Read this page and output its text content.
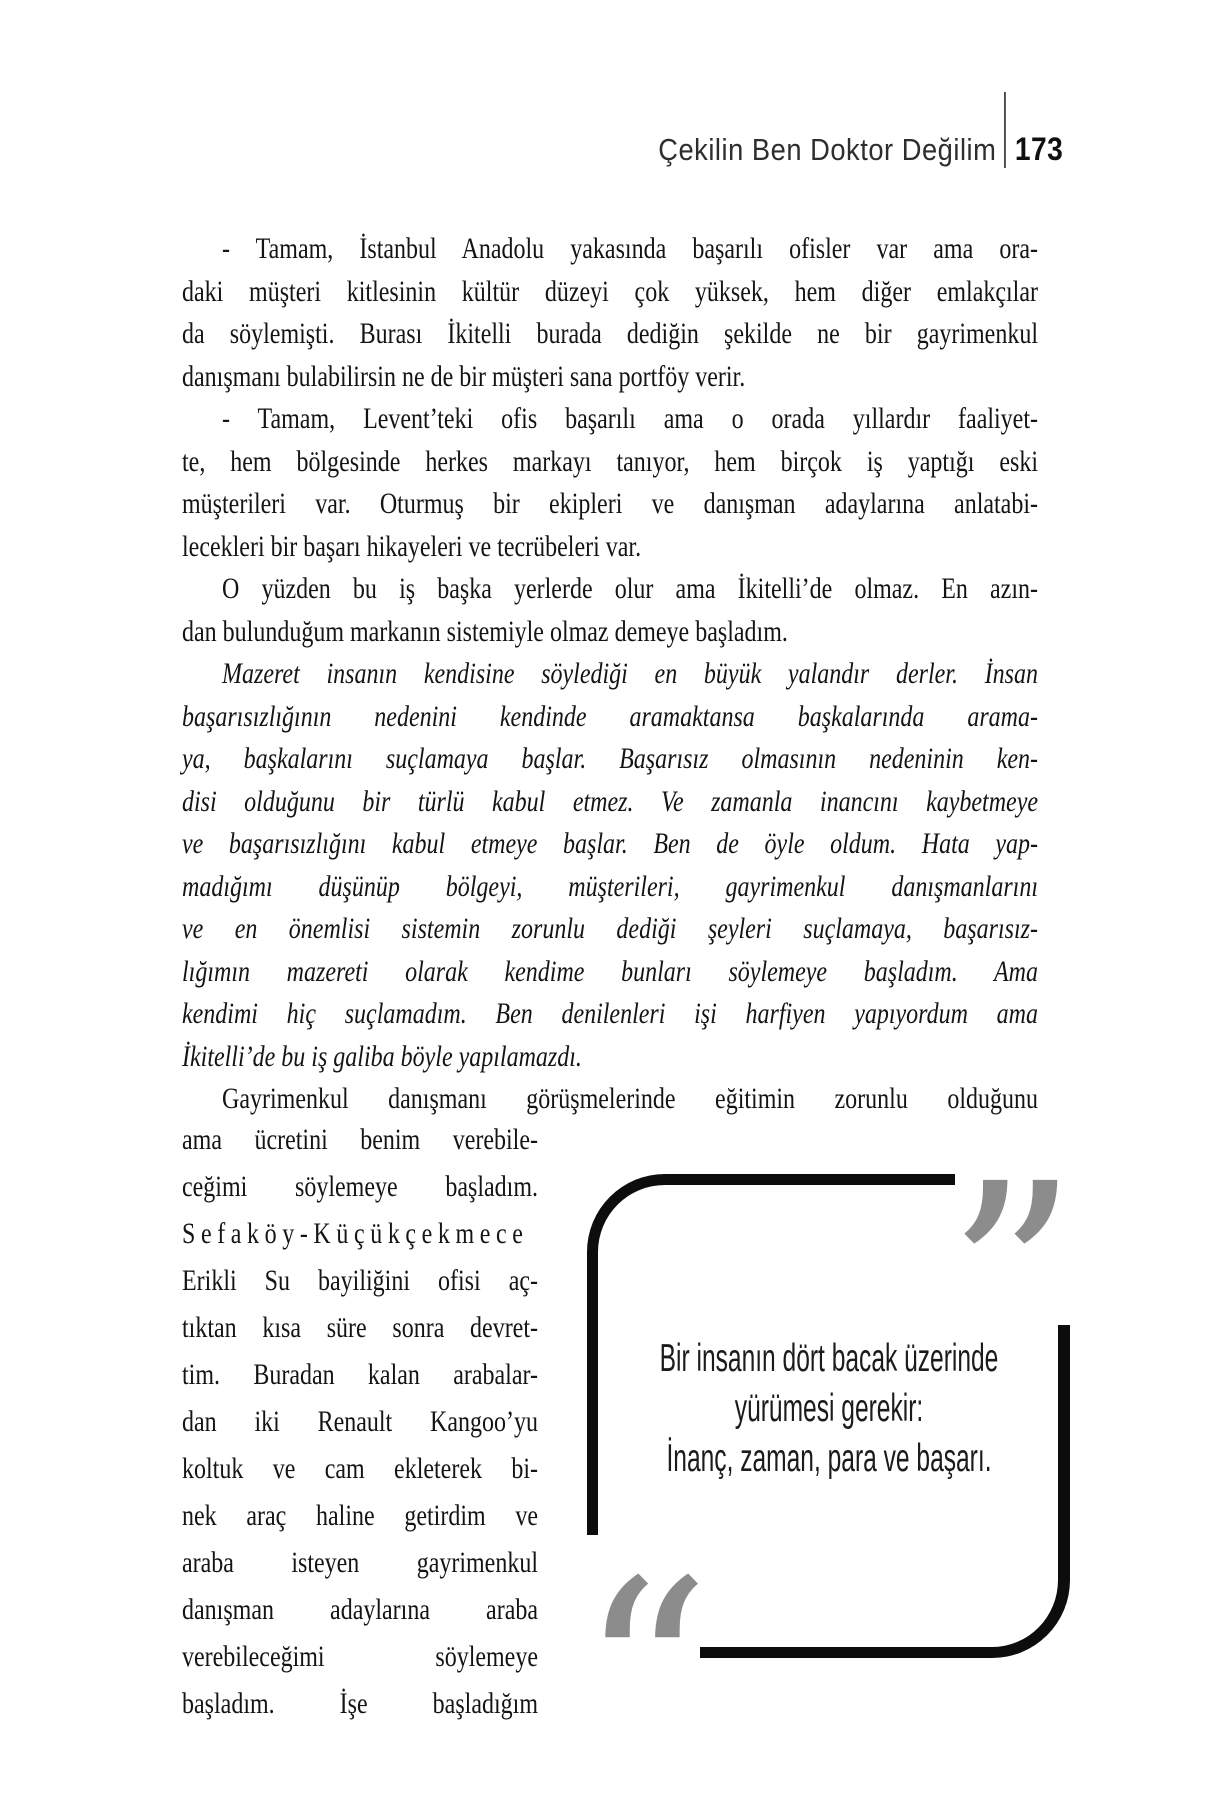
Çekilin Ben Doktor Değilim 173
- Tamam, İstanbul Anadolu yakasında başarılı ofisler var ama ora-
daki müşteri kitlesinin kültür düzeyi çok yüksek, hem diğer emlakçılar
da söylemişti. Burası İkitelli burada dediğin şekilde ne bir gayrimenkul
danışmanı bulabilirsin ne de bir müşteri sana portföy verir.
- Tamam, Levent’teki ofis başarılı ama o orada yıllardır faaliyet-
te, hem bölgesinde herkes markayı tanıyor, hem birçok iş yaptığı eski
müşterileri var. Oturmuş bir ekipleri ve danışman adaylarına anlatabi-
lecekleri bir başarı hikayeleri ve tecrübeleri var.
O yüzden bu iş başka yerlerde olur ama İkitelli’de olmaz. En azın-
dan bulunduğum markanın sistemiyle olmaz demeye başladım.
Mazeret insanın kendisine söylediği en büyük yalandır derler. İnsan
başarısızlığının nedenini kendinde aramaktansa başkalarında arama-
ya, başkalarını suçlamaya başlar. Başarısız olmasının nedeninin ken-
disi olduğunu bir türlü kabul etmez. Ve zamanla inancını kaybetmeye
ve başarısızlığını kabul etmeye başlar. Ben de öyle oldum. Hata yap-
madığımı düşünüp bölgeyi, müşterileri, gayrimenkul danışmanlarını
ve en önemlisi sistemin zorunlu dediği şeyleri suçlamaya, başarısız-
lığımın mazereti olarak kendime bunları söylemeye başladım. Ama
kendimi hiç suçlamadım. Ben denilenleri işi harfiyen yapıyordum ama
İkitelli’de bu iş galiba böyle yapılamazdı.
Gayrimenkul danışmanı görüşmelerinde eğitimin zorunlu olduğunu
ama ücretini benim verebile-
ceğimi söylemeye başladım.
Sefaköy-Küçükçekmece
Erikli Su bayiliğini ofisi aç-
tıktan kısa süre sonra devret-
tim. Buradan kalan arabalar-
dan iki Renault Kangoo’yu
koltuk ve cam ekleterek bi-
nek araç haline getirdim ve
araba isteyen gayrimenkul
danışman adaylarına araba
verebileceğimi söylemeye
başladım. İşe başladığım
”
“
Bir insanın dört bacak üzerinde
yürümesi gerekir:
İnanç, zaman, para ve başarı.
